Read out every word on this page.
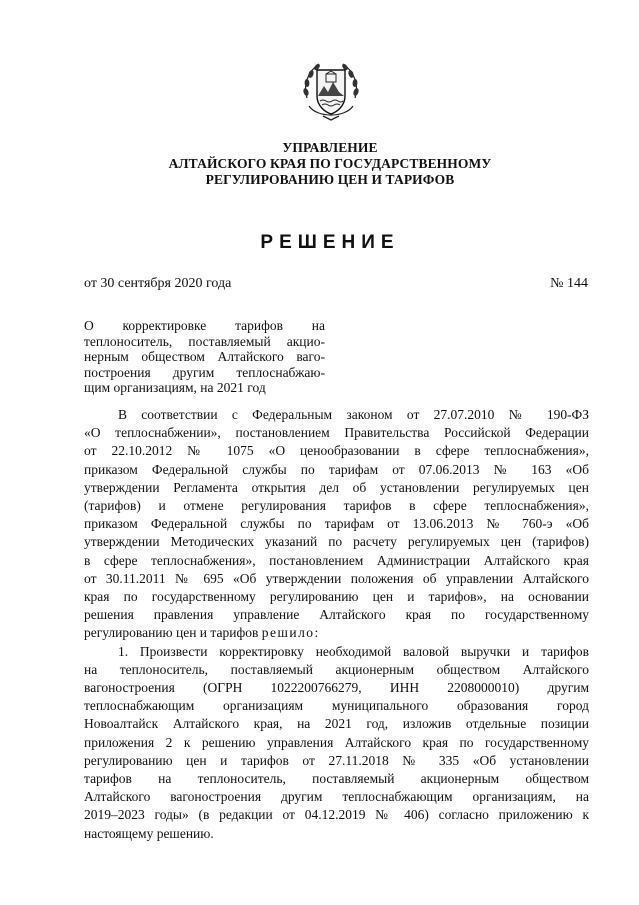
УПРАВЛЕНИЕ
АЛТАЙСКОГО КРАЯ ПО ГОСУДАРСТВЕННОМУ
РЕГУЛИРОВАНИЮ ЦЕН И ТАРИФОВ
РЕШЕНИЕ
от 30 сентября 2020 года	№ 144
О корректировке тарифов на
теплоноситель, поставляемый акцио-
нерным обществом Алтайского ваго-
построения другим теплоснабжаю-
щим организациям, на 2021 год
В соответствии с Федеральным законом от 27.07.2010 № 190-ФЗ
«О теплоснабжении», постановлением Правительства Российской Федерации
от 22.10.2012 № 1075 «О ценообразовании в сфере теплоснабжения»,
приказом Федеральной службы по тарифам от 07.06.2013 № 163 «Об
утверждении Регламента открытия дел об установлении регулируемых цен
(тарифов) и отмене регулирования тарифов в сфере теплоснабжения»,
приказом Федеральной службы по тарифам от 13.06.2013 № 760-э «Об
утверждении Методических указаний по расчету регулируемых цен (тарифов)
в сфере теплоснабжения», постановлением Администрации Алтайского края
от 30.11.2011 № 695 «Об утверждении положения об управлении Алтайского
края по государственному регулированию цен и тарифов», на основании
решения правления управление Алтайского края по государственному
регулированию цен и тарифов решило:
1. Произвести корректировку необходимой валовой выручки и тарифов
на теплоноситель, поставляемый акционерным обществом Алтайского
вагоностроения (ОГРН 1022200766279, ИНН 2208000010) другим
теплоснабжающим организациям муниципального образования город
Новоалтайск Алтайского края, на 2021 год, изложив отдельные позиции
приложения 2 к решению управления Алтайского края по государственному
регулированию цен и тарифов от 27.11.2018 № 335 «Об установлении
тарифов на теплоноситель, поставляемый акционерным обществом
Алтайского вагоностроения другим теплоснабжающим организациям, на
2019–2023 годы» (в редакции от 04.12.2019 № 406) согласно приложению к
настоящему решению.
